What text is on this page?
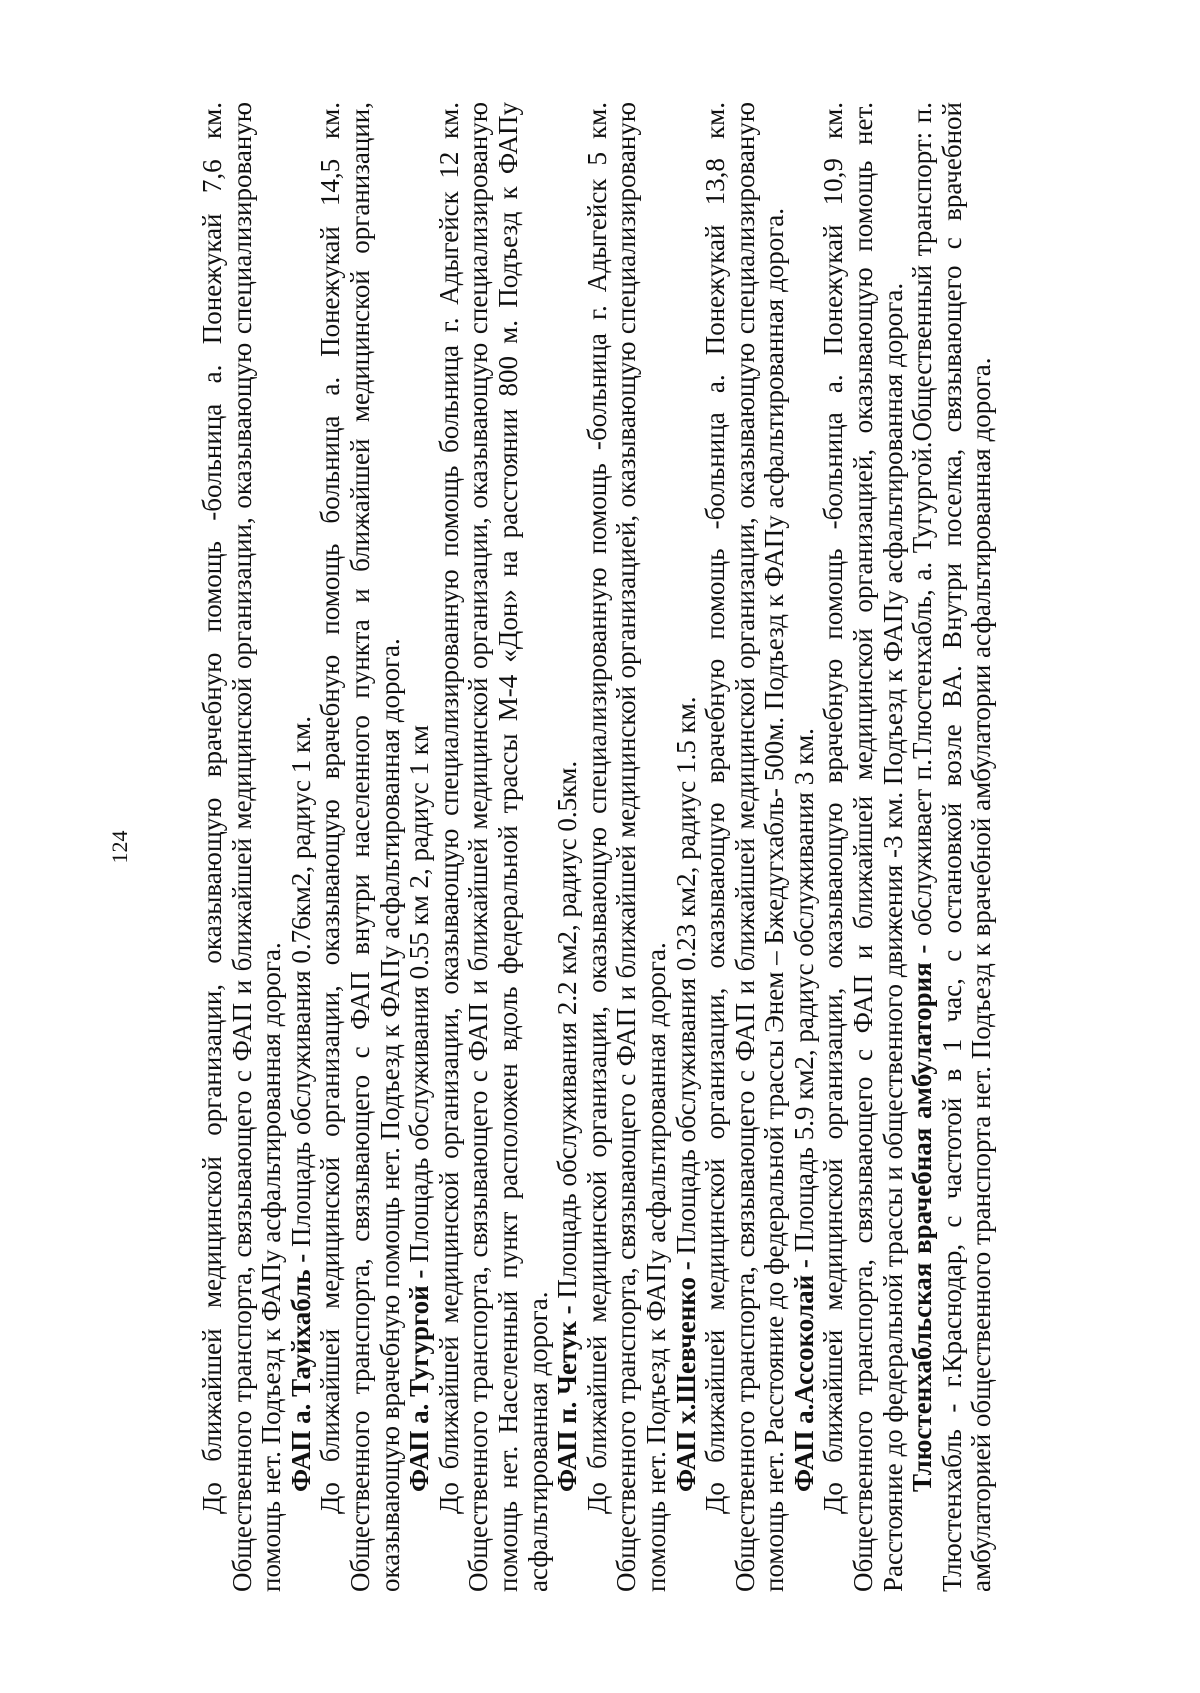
124 До ближайшей медицинской организации, оказывающую врачебную помощь -больница а. Понежукай 7,6 км. Общественного транспорта, связывающего с ФАП и ближайшей медицинской организации, оказывающую специализированую помощь нет. Подъезд к ФАПу асфальтированная дорога. ФАП а. Тауйхабль - Площадь обслуживания 0.76км2, радиус 1 км. До ближайшей медицинской организации, оказывающую врачебную помощь больница а. Понежукай 14,5 км. Общественного транспорта, связывающего с ФАП внутри населенного пункта и ближайшей медицинской организации, оказывающую врачебную помощь нет. Подъезд к ФАПу асфальтированная дорога. ФАП а. Тугургой - Площадь обслуживания 0.55 км 2, радиус 1 км До ближайшей медицинской организации, оказывающую специализированную помощь больница г. Адыгейск 12 км. Общественного транспорта, связывающего с ФАП и ближайшей медицинской организации, оказывающую специализированую помощь нет. Населенный пункт расположен вдоль федеральной трассы М-4 «Дон» на расстоянии 800 м. Подъезд к ФАПу асфальтированная дорога. ФАП п. Четук - Площадь обслуживания 2.2 км2, радиус 0.5км. До ближайшей медицинской организации, оказывающую специализированную помощь -больница г. Адыгейск 5 км. Общественного транспорта, связывающего с ФАП и ближайшей медицинской организацией, оказывающую специализированую помощь нет. Подъезд к ФАПу асфальтированная дорога. ФАП х.Шевченко - Площадь обслуживания 0.23 км2, радиус 1.5 км. До ближайшей медицинской организации, оказывающую врачебную помощь -больница а. Понежукай 13,8 км. Общественного транспорта, связывающего с ФАП и ближайшей медицинской организации, оказывающую специализированую помощь нет. Расстояние до федеральной трассы Энем – Бжедугхабль- 500м. Подъезд к ФАПу асфальтированная дорога. ФАП а.Ассоколай - Площадь 5.9 км2, радиус обслуживания 3 км. До ближайшей медицинской организации, оказывающую врачебную помощь -больница а. Понежукай 10,9 км. Общественного транспорта, связывающего с ФАП и ближайшей медицинской организацией, оказывающую помощь нет. Расстояние до федеральной трассы и общественного движения -3 км. Подъезд к ФАПу асфальтированная дорога. Тлюстенхабльская врачебная амбулатория - обслуживает п.Тлюстенхабль, а. Тугургой.Общественный транспорт: п. Тлюстенхабль - г.Краснодар, с частотой в 1 час, с остановкой возле ВА. Внутри поселка, связывающего с врачебной амбулаторией общественного транспорта нет. Подъезд к врачебной амбулатории асфальтированная дорога.
